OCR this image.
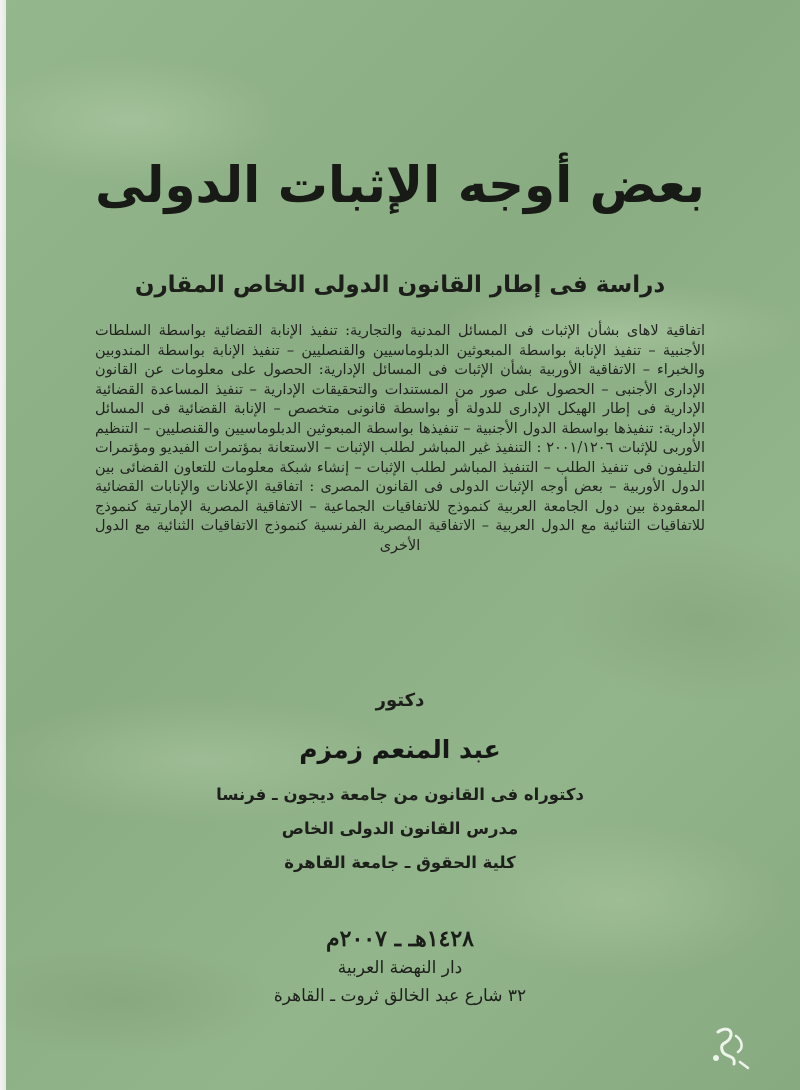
بعض أوجه الإثبات الدولى
دراسة فى إطار القانون الدولى الخاص المقارن

اتفاقية لاهاى بشأن الإثبات فى المسائل المدنية والتجارية: تنفيذ الإنابة القضائية بواسطة السلطات الأجنبية – تنفيذ الإنابة بواسطة المبعوثين الدبلوماسيين والقنصليين – تنفيذ الإنابة بواسطة المندوبين والخبراء – الاتفاقية الأوربية بشأن الإثبات فى المسائل الإدارية: الحصول على معلومات عن القانون الإدارى الأجنبى – الحصول على صور من المستندات والتحقيقات الإدارية – تنفيذ المساعدة القضائية الإدارية فى إطار الهيكل الإدارى للدولة أو بواسطة قانونى متخصص – الإنابة القضائية فى المسائل الإدارية: تنفيذها بواسطة الدول الأجنبية – تنفيذها بواسطة المبعوثين الدبلوماسيين والقنصليين – التنظيم الأوربى للإثبات ٢٠٠١/١٢٠٦ : التنفيذ غير المباشر لطلب الإثبات – الاستعانة بمؤتمرات الفيديو ومؤتمرات التليفون فى تنفيذ الطلب – التنفيذ المباشر لطلب الإثبات – إنشاء شبكة معلومات للتعاون القضائى بين الدول الأوربية – بعض أوجه الإثبات الدولى فى القانون المصرى : اتفاقية الإعلانات والإنابات القضائية المعقودة بين دول الجامعة العربية كنموذج للاتفاقيات الجماعية – الاتفاقية المصرية الإمارتية كنموذج للاتفاقيات الثنائية مع الدول العربية – الاتفاقية المصرية الفرنسية كنموذج الاتفاقيات الثنائية مع الدول الأخرى

دكتور

عبد المنعم زمزم

دكتوراه فى القانون من جامعة ديجون ـ فرنسا
مدرس القانون الدولى الخاص
كلية الحقوق ـ جامعة القاهرة

١٤٢٨هـ ـ ٢٠٠٧م

دار النهضة العربية

٣٢ شارع عبد الخالق ثروت ـ القاهرة
